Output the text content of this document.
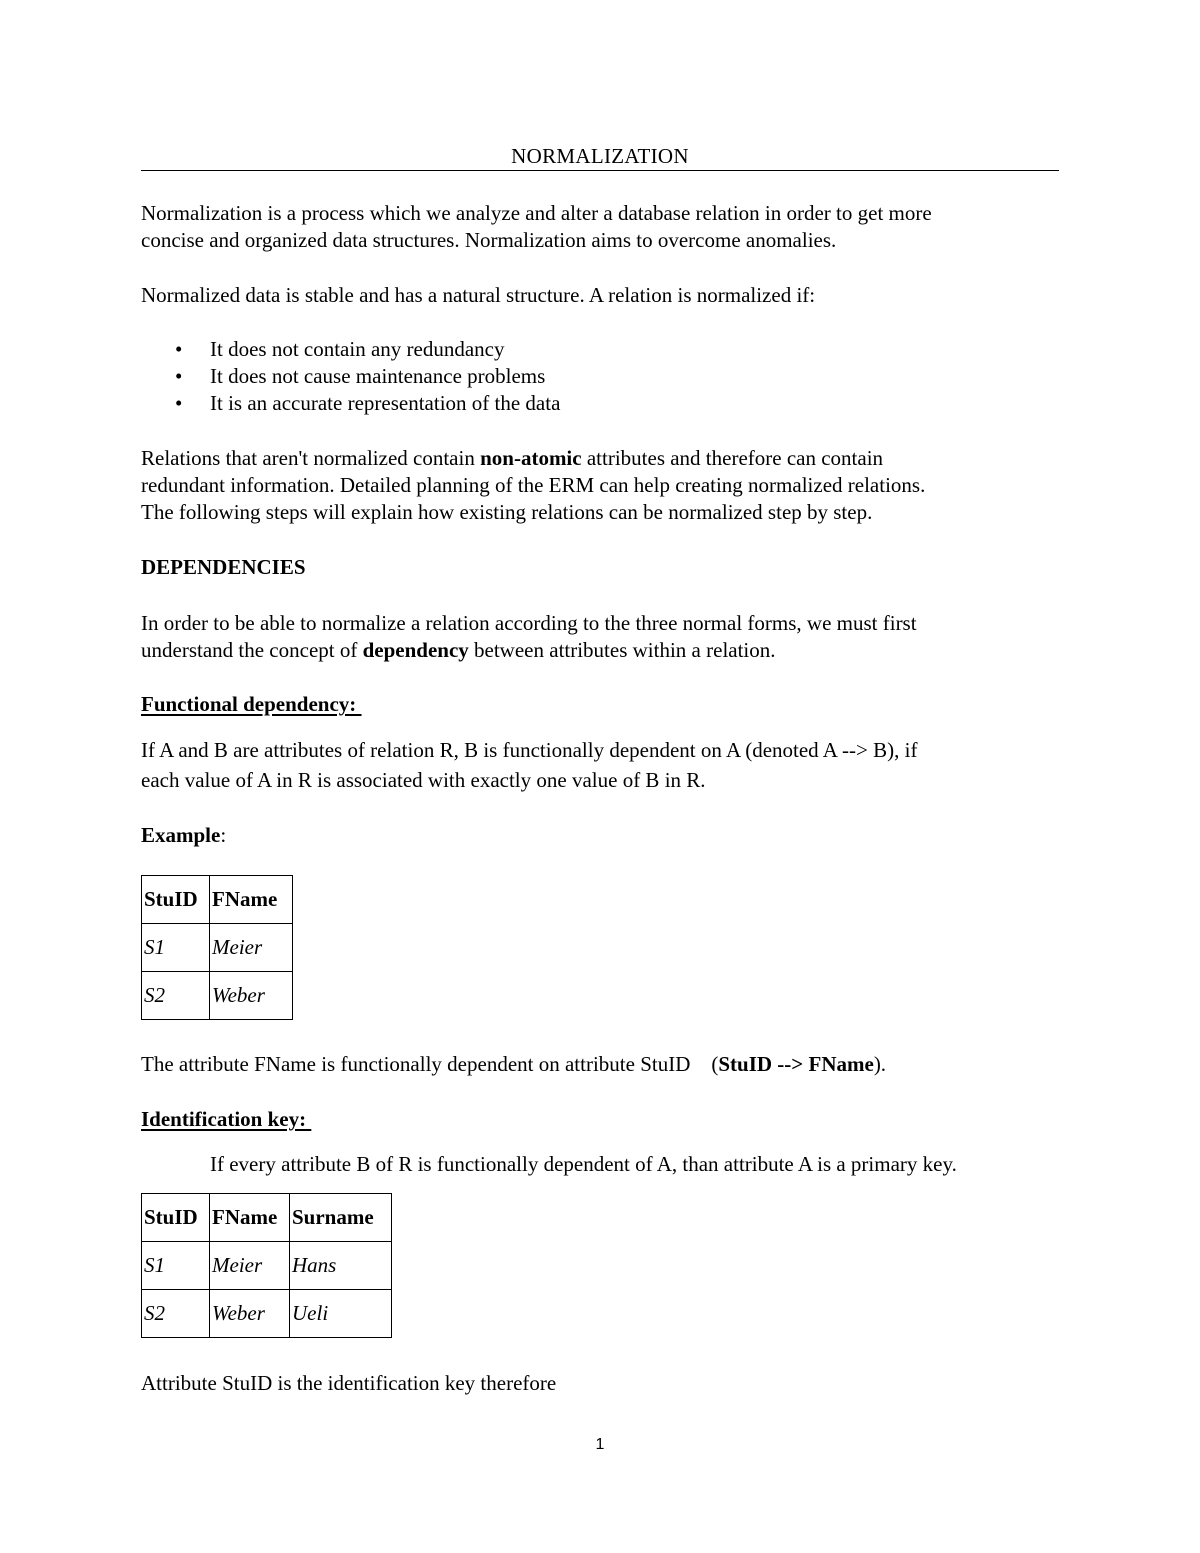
NORMALIZATION
Normalization is a process which we analyze and alter a database relation in order to get more
concise and organized data structures. Normalization aims to overcome anomalies.
Normalized data is stable and has a natural structure. A relation is normalized if:
• It does not contain any redundancy
• It does not cause maintenance problems
• It is an accurate representation of the data
Relations that aren't normalized contain non-atomic attributes and therefore can contain
redundant information. Detailed planning of the ERM can help creating normalized relations.
The following steps will explain how existing relations can be normalized step by step.
DEPENDENCIES
In order to be able to normalize a relation according to the three normal forms, we must first
understand the concept of dependency between attributes within a relation.
Functional dependency:
If A and B are attributes of relation R, B is functionally dependent on A (denoted A --> B), if
each value of A in R is associated with exactly one value of B in R.
Example:
StuID	FName
S1	Meier
S2	Weber
The attribute FName is functionally dependent on attribute StuID    (StuID --> FName).
Identification key:
If every attribute B of R is functionally dependent of A, than attribute A is a primary key.
StuID	FName	Surname
S1	Meier	Hans
S2	Weber	Ueli
Attribute StuID is the identification key therefore
1
